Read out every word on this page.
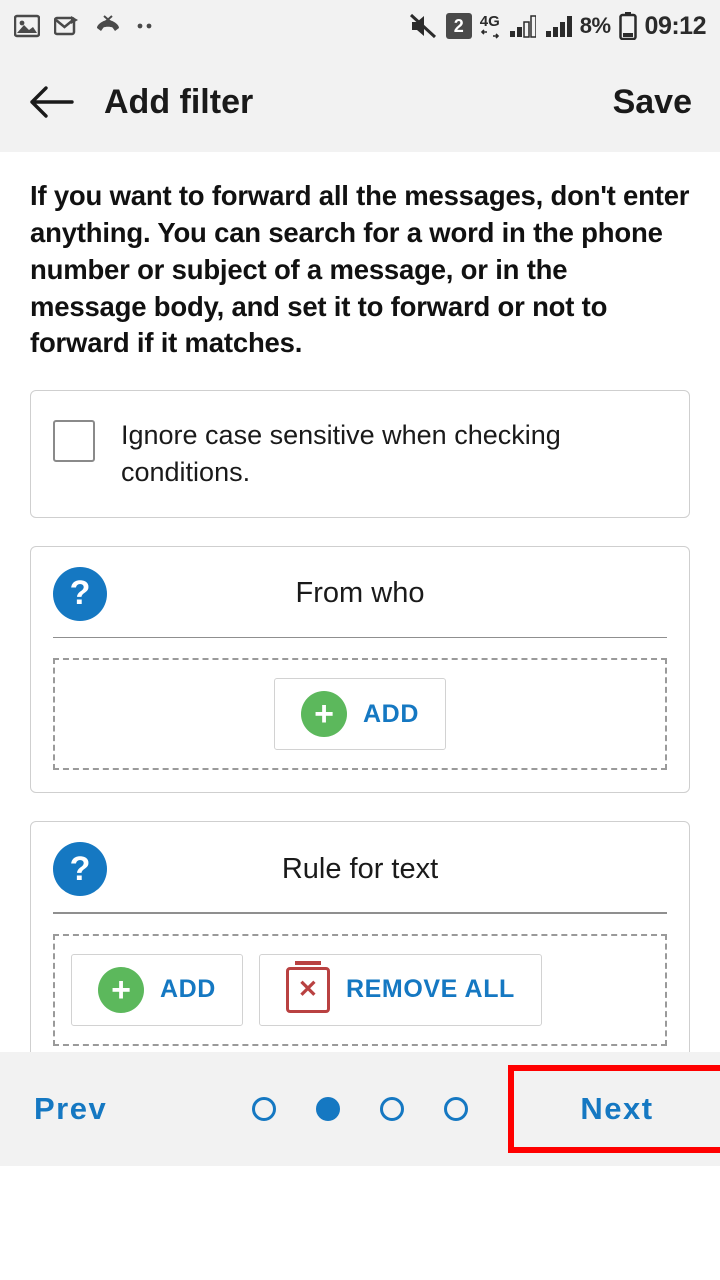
2	4G	8% 09:12
Add filter	Save
If you want to forward all the messages, don't enter anything. You can search for a word in the phone number or subject of a message, or in the message body, and set it to forward or not to forward if it matches.
Ignore case sensitive when checking conditions.
?	From who
+	ADD
?	Rule for text
+	ADD	✕	REMOVE ALL
Prev	Next
